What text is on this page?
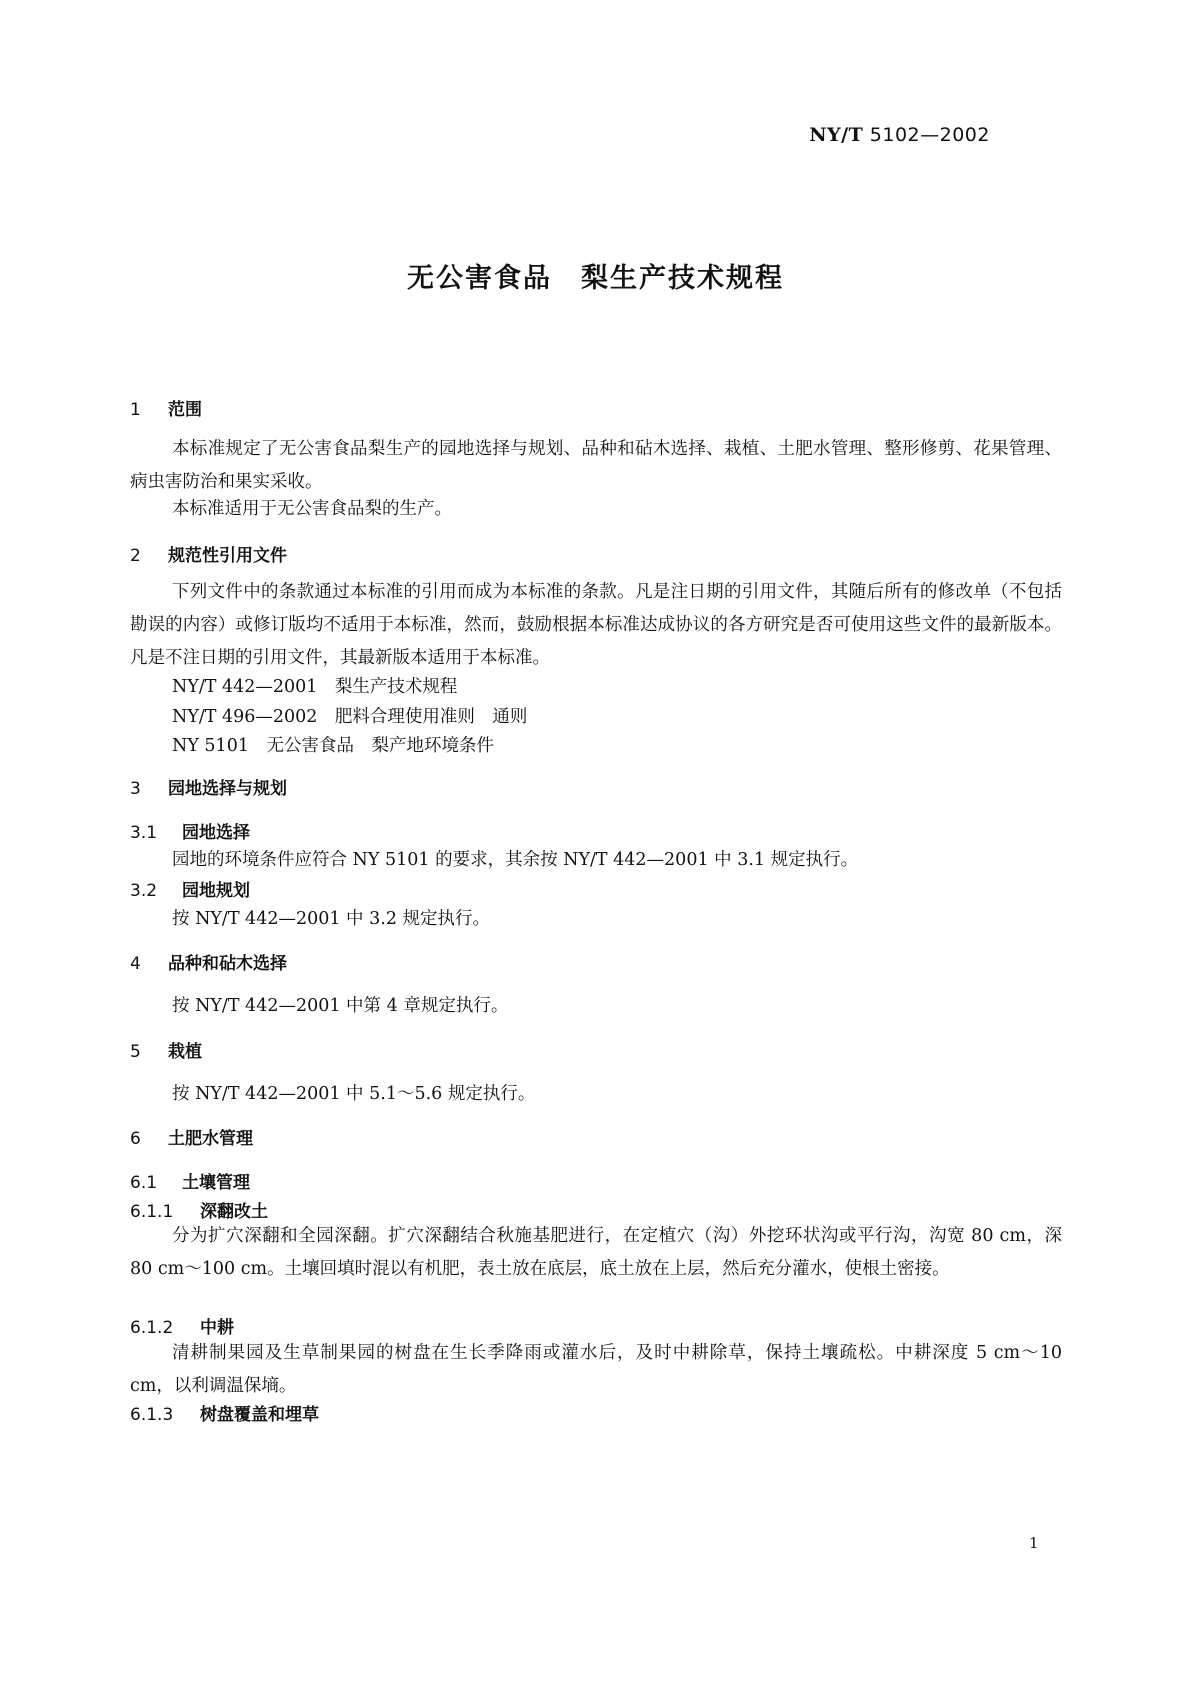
NY/T 5102—2002
无公害食品　梨生产技术规程
1 范围
本标准规定了无公害食品梨生产的园地选择与规划、品种和砧木选择、栽植、土肥水管理、整形修剪、花果管理、病虫害防治和果实采收。
本标准适用于无公害食品梨的生产。
2 规范性引用文件
下列文件中的条款通过本标准的引用而成为本标准的条款。凡是注日期的引用文件，其随后所有的修改单（不包括勘误的内容）或修订版均不适用于本标准，然而，鼓励根据本标准达成协议的各方研究是否可使用这些文件的最新版本。凡是不注日期的引用文件，其最新版本适用于本标准。
NY/T 442—2001　梨生产技术规程
NY/T 496—2002　肥料合理使用准则　通则
NY 5101　无公害食品　梨产地环境条件
3 园地选择与规划
3.1 园地选择
园地的环境条件应符合 NY 5101 的要求，其余按 NY/T 442—2001 中 3.1 规定执行。
3.2 园地规划
按 NY/T 442—2001 中 3.2 规定执行。
4 品种和砧木选择
按 NY/T 442—2001 中第 4 章规定执行。
5 栽植
按 NY/T 442—2001 中 5.1～5.6 规定执行。
6 土肥水管理
6.1 土壤管理
6.1.1 深翻改土
分为扩穴深翻和全园深翻。扩穴深翻结合秋施基肥进行，在定植穴（沟）外挖环状沟或平行沟，沟宽 80 cm，深 80 cm～100 cm。土壤回填时混以有机肥，表土放在底层，底土放在上层，然后充分灌水，使根土密接。
6.1.2 中耕
清耕制果园及生草制果园的树盘在生长季降雨或灌水后，及时中耕除草，保持土壤疏松。中耕深度 5 cm～10 cm，以利调温保墒。
6.1.3 树盘覆盖和埋草
1
